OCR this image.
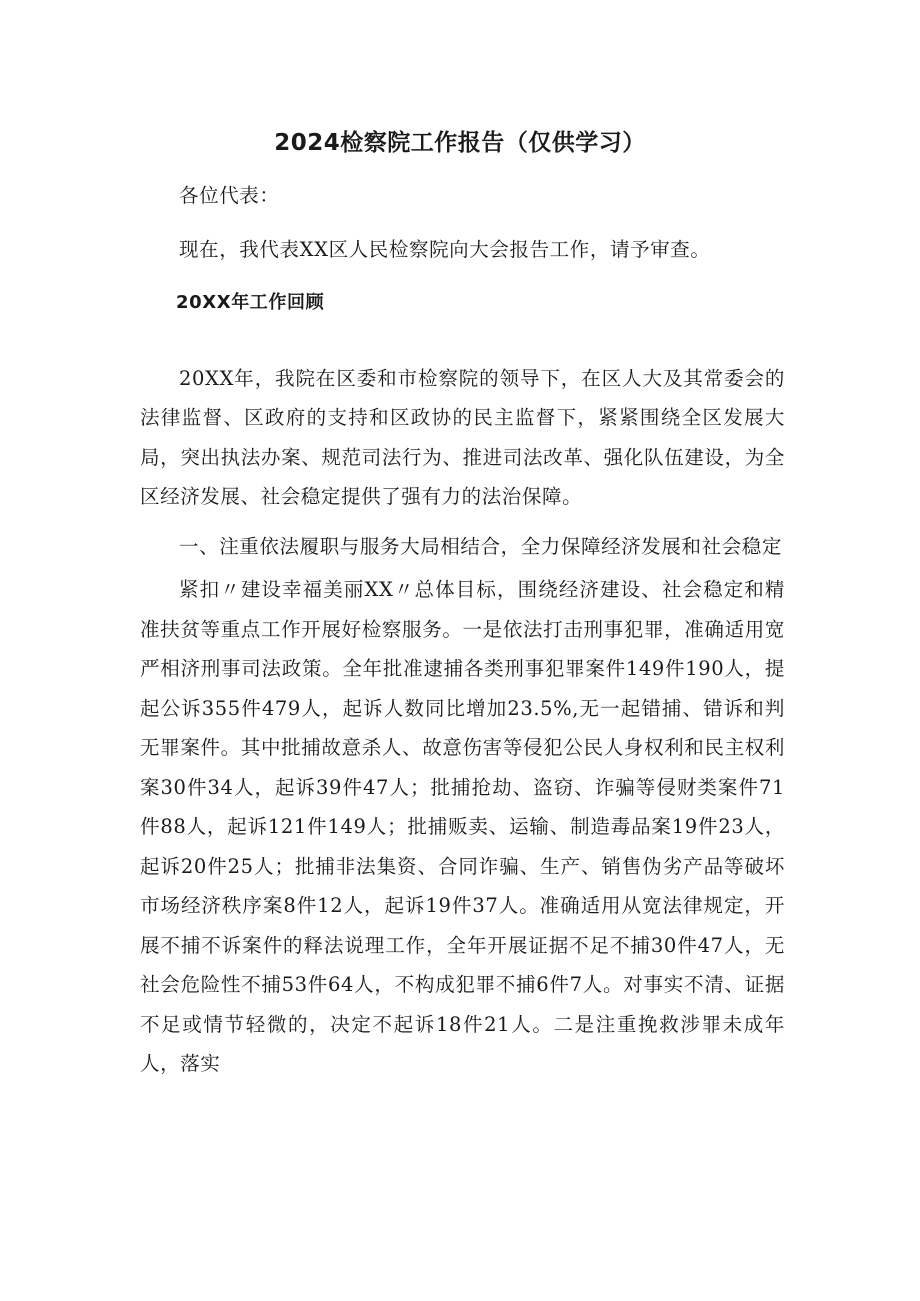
2024检察院工作报告（仅供学习）

各位代表：

现在，我代表XX区人民检察院向大会报告工作，请予审查。

20XX年工作回顾

20XX年，我院在区委和市检察院的领导下，在区人大及其常委会的法律监督、区政府的支持和区政协的民主监督下，紧紧围绕全区发展大局，突出执法办案、规范司法行为、推进司法改革、强化队伍建设，为全区经济发展、社会稳定提供了强有力的法治保障。

一、注重依法履职与服务大局相结合，全力保障经济发展和社会稳定

紧扣〃建设幸福美丽XX〃总体目标，围绕经济建设、社会稳定和精准扶贫等重点工作开展好检察服务。一是依法打击刑事犯罪，准确适用宽严相济刑事司法政策。全年批准逮捕各类刑事犯罪案件149件190人，提起公诉355件479人，起诉人数同比增加23.5%,无一起错捕、错诉和判无罪案件。其中批捕故意杀人、故意伤害等侵犯公民人身权利和民主权利案30件34人，起诉39件47人；批捕抢劫、盗窃、诈骗等侵财类案件71件88人，起诉121件149人；批捕贩卖、运输、制造毒品案19件23人，起诉20件25人；批捕非法集资、合同诈骗、生产、销售伪劣产品等破坏市场经济秩序案8件12人，起诉19件37人。准确适用从宽法律规定，开展不捕不诉案件的释法说理工作，全年开展证据不足不捕30件47人，无社会危险性不捕53件64人，不构成犯罪不捕6件7人。对事实不清、证据不足或情节轻微的，决定不起诉18件21人。二是注重挽救涉罪未成年人，落实
